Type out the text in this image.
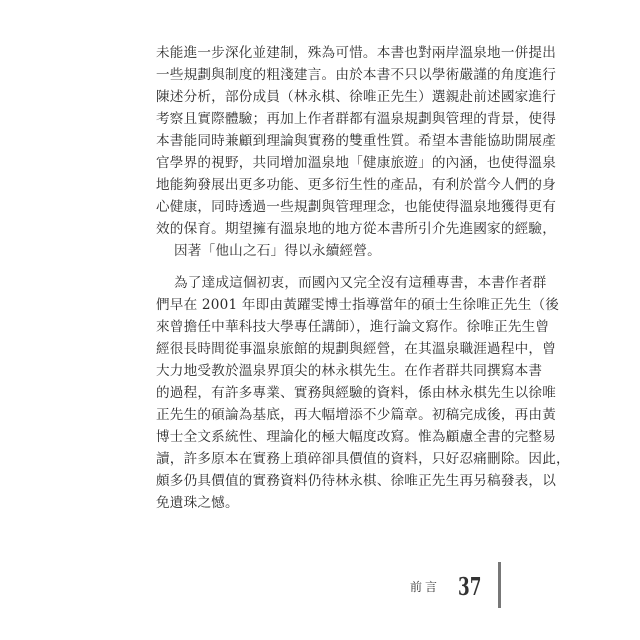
未能進一步深化並建制，殊為可惜。本書也對兩岸溫泉地一併提出
一些規劃與制度的粗淺建言。由於本書不只以學術嚴謹的角度進行
陳述分析，部份成員（林永棋、徐唯正先生）選親赴前述國家進行
考察且實際體驗；再加上作者群都有溫泉規劃與管理的背景，使得
本書能同時兼顧到理論與實務的雙重性質。希望本書能協助開展產
官學界的視野，共同增加溫泉地「健康旅遊」的內涵，也使得溫泉
地能夠發展出更多功能、更多衍生性的產品，有利於當今人們的身
心健康，同時透過一些規劃與管理理念，也能使得溫泉地獲得更有
效的保育。期望擁有溫泉地的地方從本書所引介先進國家的經驗，
因著「他山之石」得以永續經營。
為了達成這個初衷，而國內又完全沒有這種專書，本書作者群
們早在 2001 年即由黃躍雯博士指導當年的碩士生徐唯正先生（後
來曾擔任中華科技大學專任講師），進行論文寫作。徐唯正先生曾
經很長時間從事溫泉旅館的規劃與經營，在其溫泉職涯過程中，曾
大力地受教於溫泉界頂尖的林永棋先生。在作者群共同撰寫本書
的過程，有許多專業、實務與經驗的資料，係由林永棋先生以徐唯
正先生的碩論為基底，再大幅增添不少篇章。初稿完成後，再由黃
博士全文系統性、理論化的極大幅度改寫。惟為顧慮全書的完整易
讀，許多原本在實務上瑣碎卻具價值的資料，只好忍痛刪除。因此，
頗多仍具價值的實務資料仍待林永棋、徐唯正先生再另稿發表，以
免遺珠之憾。
前言 37
